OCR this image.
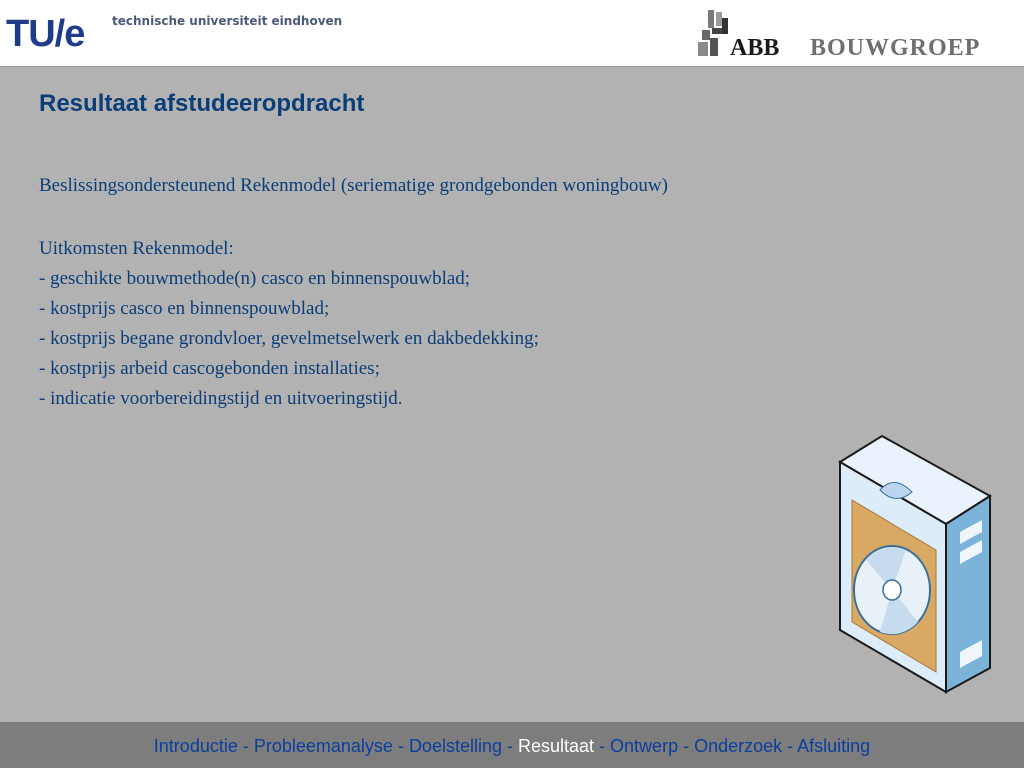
TU/e technische universiteit eindhoven
ABB BOUWGROEP
Resultaat afstudeeropdracht
Beslissingsondersteunend Rekenmodel (seriematige grondgebonden woningbouw)
Uitkomsten Rekenmodel:
- geschikte bouwmethode(n) casco en binnenspouwblad;
- kostprijs casco en binnenspouwblad;
- kostprijs begane grondvloer, gevelmetselwerk en dakbedekking;
- kostprijs arbeid cascogebonden installaties;
- indicatie voorbereidingstijd en uitvoeringstijd.
Introductie - Probleemanalyse - Doelstelling - Resultaat - Ontwerp - Onderzoek - Afsluiting
